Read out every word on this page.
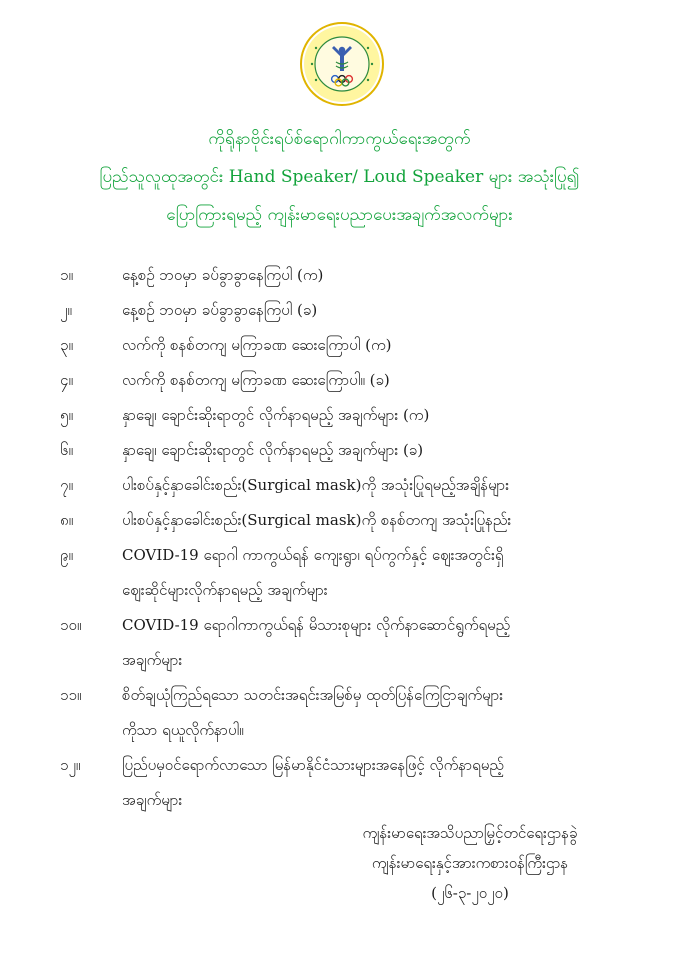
ကိုရိုနာဗိုင်းရပ်စ်ရောဂါကာကွယ်ရေးအတွက်
ပြည်သူလူထုအတွင်း Hand Speaker/ Loud Speaker များ အသုံးပြု၍
ပြောကြားရမည့် ကျန်းမာရေးပညာပေးအချက်အလက်များ
၁။	နေ့စဉ် ဘဝမှာ ခပ်ခွာခွာနေကြပါ (က)
၂။	နေ့စဉ် ဘဝမှာ ခပ်ခွာခွာနေကြပါ (ခ)
၃။	လက်ကို စနစ်တကျ မကြာခဏ ဆေးကြောပါ (က)
၄။	လက်ကို စနစ်တကျ မကြာခဏ ဆေးကြောပါ။ (ခ)
၅။	နှာချေ၊ ချောင်းဆိုးရာတွင် လိုက်နာရမည့် အချက်များ (က)
၆။	နှာချေ၊ ချောင်းဆိုးရာတွင် လိုက်နာရမည့် အချက်များ (ခ)
၇။	ပါးစပ်နှင့်နှာခေါင်းစည်း(Surgical mask)ကို အသုံးပြုရမည့်အချိန်များ
၈။	ပါးစပ်နှင့်နှာခေါင်းစည်း(Surgical mask)ကို စနစ်တကျ အသုံးပြုနည်း
၉။	COVID-19 ရောဂါ ကာကွယ်ရန် ကျေးရွာ၊ ရပ်ကွက်နှင့် ဈေးအတွင်းရှိ
ဈေးဆိုင်များလိုက်နာရမည့် အချက်များ
၁၀။	COVID-19 ရောဂါကာကွယ်ရန် မိသားစုများ လိုက်နာဆောင်ရွက်ရမည့်
အချက်များ
၁၁။	စိတ်ချယုံကြည်ရသော သတင်းအရင်းအမြစ်မှ ထုတ်ပြန်ကြေငြာချက်များ
ကိုသာ ရယူလိုက်နာပါ။
၁၂။	ပြည်ပမှဝင်ရောက်လာသော မြန်မာနိုင်ငံသားများအနေဖြင့် လိုက်နာရမည့်
အချက်များ
ကျန်းမာရေးအသိပညာမြှင့်တင်ရေးဌာနခွဲ
ကျန်းမာရေးနှင့်အားကစားဝန်ကြီးဌာန
(၂၆-၃-၂၀၂၀)
